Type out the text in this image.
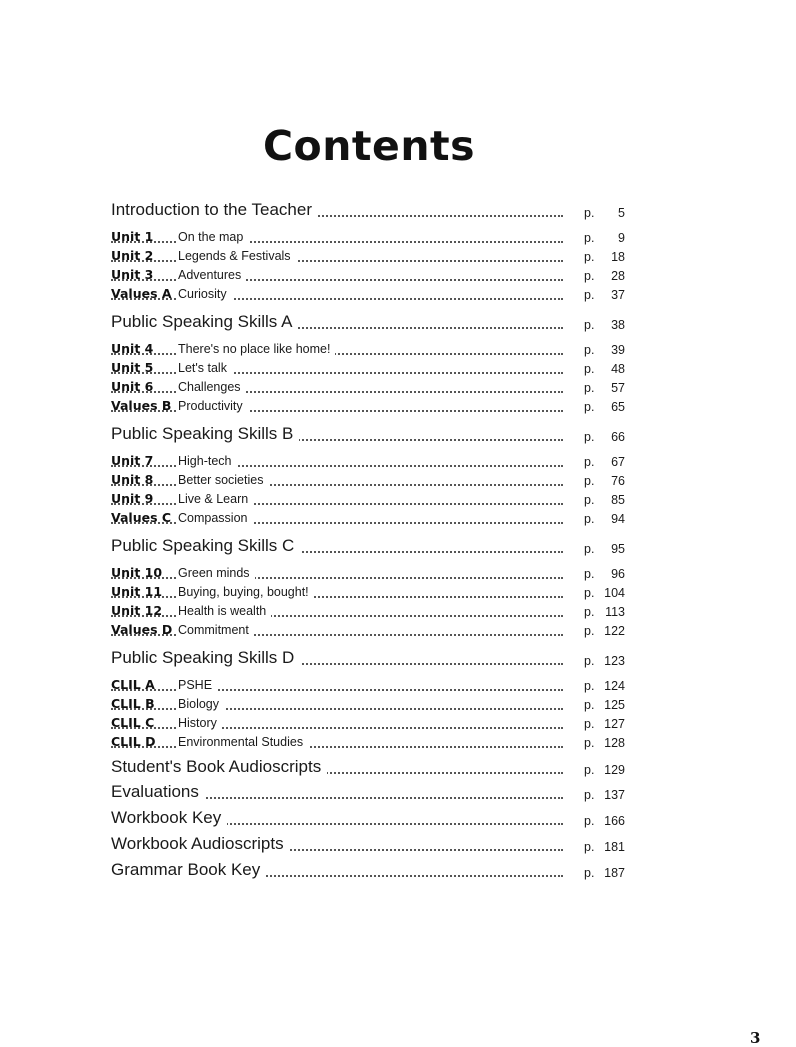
Contents
Introduction to the Teacher	p.	5
Unit 1 On the map	p.	9
Unit 2 Legends & Festivals	p.	18
Unit 3 Adventures	p.	28
Values A Curiosity	p.	37
Public Speaking Skills A	p.	38
Unit 4 There's no place like home!	p.	39
Unit 5 Let's talk	p.	48
Unit 6 Challenges	p.	57
Values B Productivity	p.	65
Public Speaking Skills B	p.	66
Unit 7 High-tech	p.	67
Unit 8 Better societies	p.	76
Unit 9 Live & Learn	p.	85
Values C Compassion	p.	94
Public Speaking Skills C	p.	95
Unit 10 Green minds	p.	96
Unit 11 Buying, buying, bought!	p. 104
Unit 12 Health is wealth	p. 113
Values D Commitment	p. 122
Public Speaking Skills D	p. 123
CLIL A PSHE	p. 124
CLIL B Biology	p. 125
CLIL C History	p. 127
CLIL D Environmental Studies	p. 128
Student's Book Audioscripts	p. 129
Evaluations	p. 137
Workbook Key	p. 166
Workbook Audioscripts	p. 181
Grammar Book Key	p. 187
3
